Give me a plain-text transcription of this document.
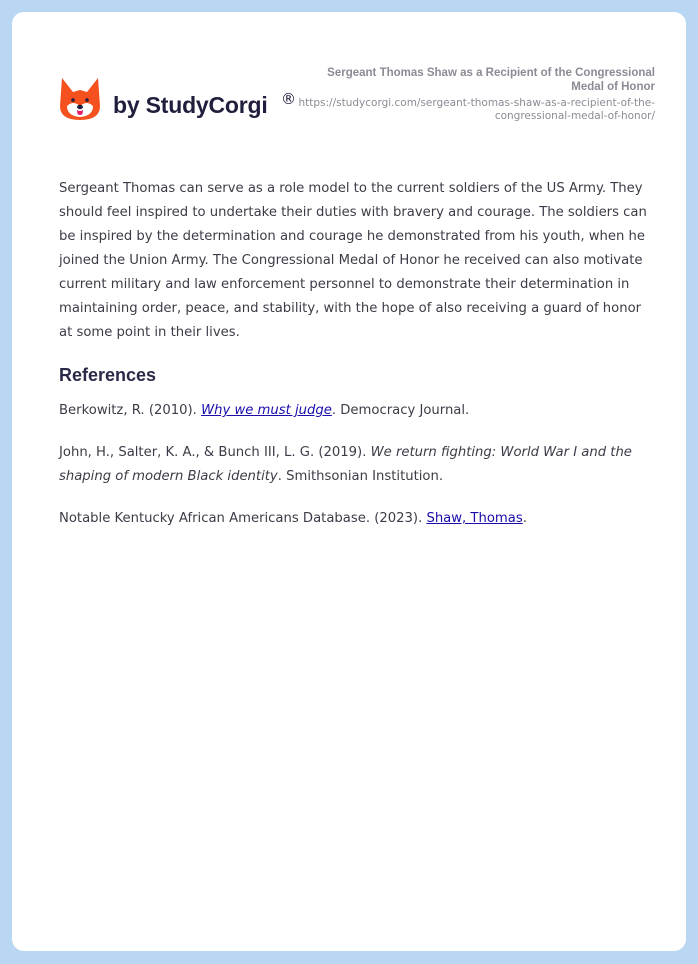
by StudyCorgi ®
Sergeant Thomas Shaw as a Recipient of the Congressional Medal of Honor
https://studycorgi.com/sergeant-thomas-shaw-as-a-recipient-of-the-congressional-medal-of-honor/

Sergeant Thomas can serve as a role model to the current soldiers of the US Army. They should feel inspired to undertake their duties with bravery and courage. The soldiers can be inspired by the determination and courage he demonstrated from his youth, when he joined the Union Army. The Congressional Medal of Honor he received can also motivate current military and law enforcement personnel to demonstrate their determination in maintaining order, peace, and stability, with the hope of also receiving a guard of honor at some point in their lives.

References

Berkowitz, R. (2010). Why we must judge. Democracy Journal.

John, H., Salter, K. A., & Bunch III, L. G. (2019). We return fighting: World War I and the shaping of modern Black identity. Smithsonian Institution.

Notable Kentucky African Americans Database. (2023). Shaw, Thomas.
